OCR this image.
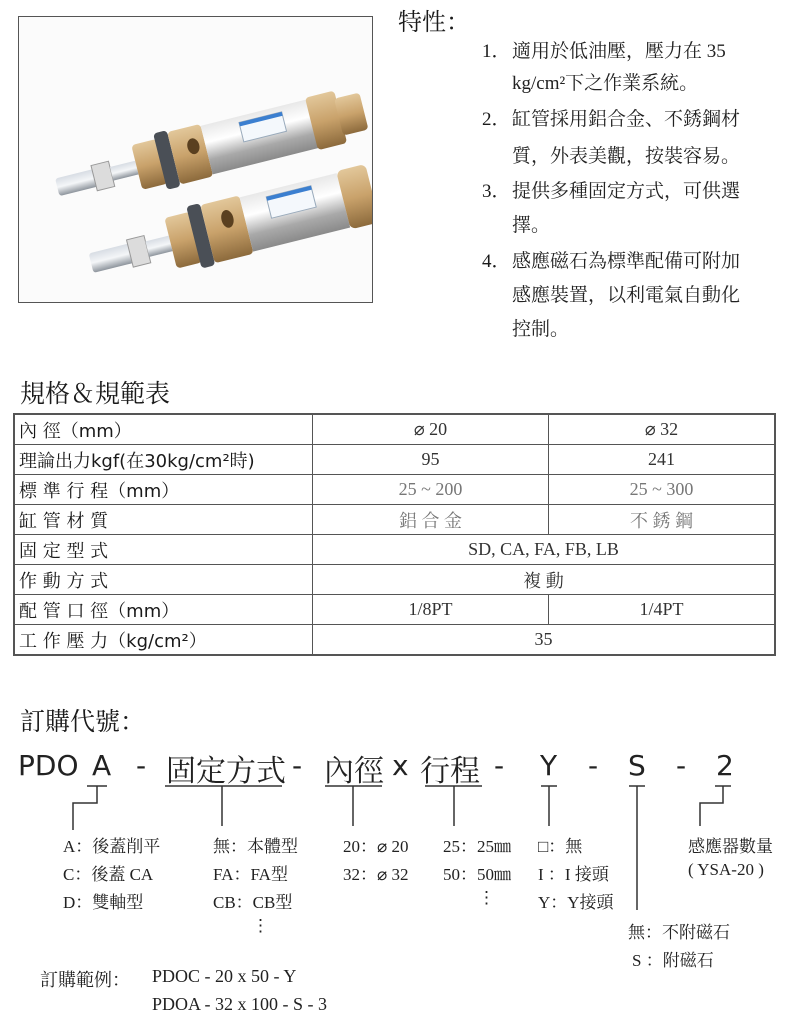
特性：
1． 適用於低油壓，壓力在 35
kg/cm²下之作業系統。
2． 缸管採用鋁合金、不銹鋼材
質，外表美觀，按裝容易。
3． 提供多種固定方式，可供選
擇。
4． 感應磁石為標準配備可附加
感應裝置，以利電氣自動化
控制。
規格＆規範表
內 徑（mm）	⌀ 20	⌀ 32
理論出力kgf(在30kg/cm²時)	95	241
標 準 行 程（mm）	25 ~ 200	25 ~ 300
缸 管 材 質	鋁 合 金	不 銹 鋼
固 定 型 式	SD, CA, FA, FB, LB	
作 動 方 式	複 動	
配 管 口 徑（mm）	1/8PT	1/4PT
工 作 壓 力（kg/cm²）	35	
訂購代號：
PDO A - 固定方式 - 內徑 x 行程 - Y - S - 2
A：後蓋削平
C：後蓋 CA
D：雙軸型
無：本體型
FA：FA型
CB：CB型
⋮
20：⌀ 20
32：⌀ 32
25：25㎜
50：50㎜
⋮
□：無
I ：I 接頭
Y：Y接頭
感應器數量
( YSA-20 )
無：不附磁石
S ：附磁石
訂購範例： PDOC - 20 x 50 - Y
PDOA - 32 x 100 - S - 3
